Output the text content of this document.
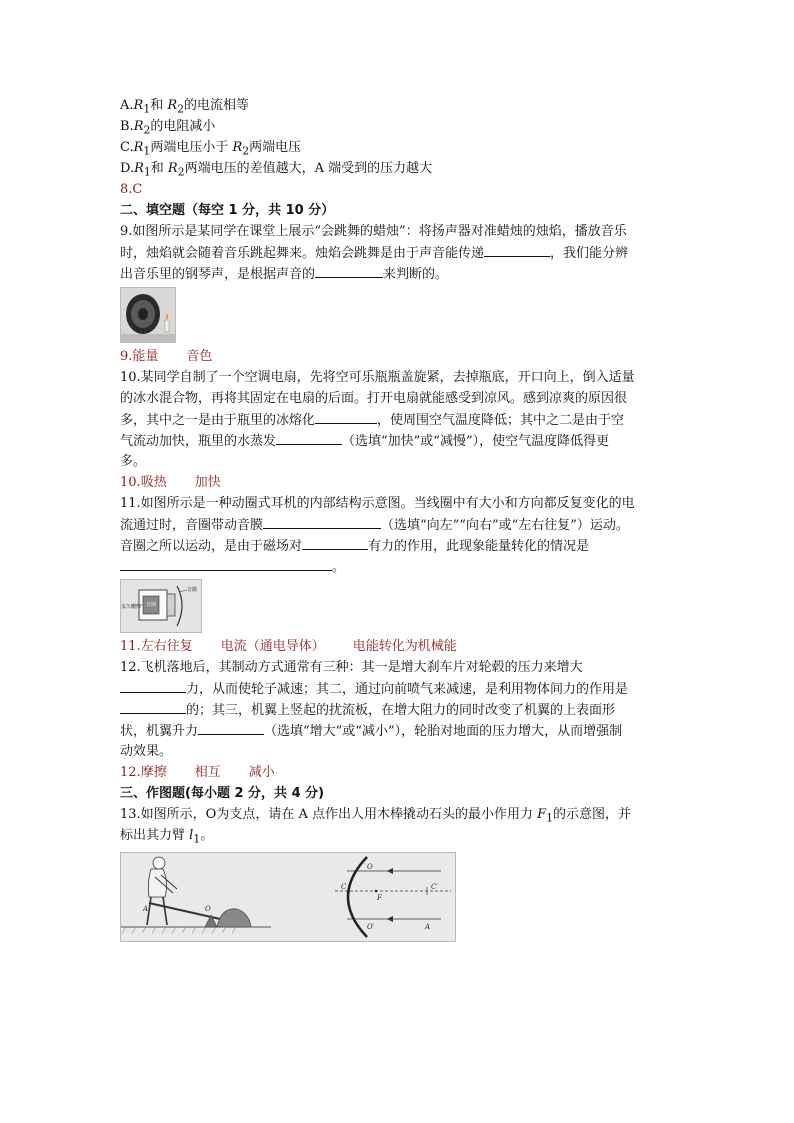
$A.R_1$和 $R_2$的电流相等
$B.R_2$的电阻减小
$C.R_1$两端电压小于 $R_2$两端电压
$D.R_1$和 $R_2$两端电压的差值越大，A 端受到的压力越大
8.C
二、填空题（每空 1 分，共 10 分）
9.如图所示是某同学在课堂上展示“会跳舞的蜡烛”：将扬声器对准蜡烛的烛焰，播放音乐
时，烛焰就会随着音乐跳起舞来。烛焰会跳舞是由于声音能传递	，我们能分辨
出音乐里的钢琴声，是根据声音的	来判断的。
9.能量 音色
10.某同学自制了一个空调电扇，先将空可乐瓶瓶盖旋紧，去掉瓶底，开口向上，倒入适量
的冰水混合物，再将其固定在电扇的后面。打开电扇就能感受到凉风。感到凉爽的原因很
多，其中之一是由于瓶里的冰熔化	，使周围空气温度降低；其中之二是由于空
气流动加快，瓶里的水蒸发	（选填“加快”或“减慢”），使空气温度降低得更
多。
10.吸热 加快
11.如图所示是一种动圈式耳机的内部结构示意图。当线圈中有大小和方向都反复变化的电
流通过时，音圈带动音膜	（选填“向左”“向右”或“左右往复”）运动。
音圈之所以运动，是由于磁场对	有力的作用，此现象能量转化的情况是
。
永久磁体 音圈
音膜
11.左右往复 电流（通电导体） 电能转化为机械能
12.飞机落地后，其制动方式通常有三种：其一是增大刹车片对轮毂的压力来增大
力，从而使轮子减速；其二，通过向前喷气来减速，是利用物体间力的作用是
的；其三，机翼上竖起的扰流板，在增大阻力的同时改变了机翼的上表面形
状，机翼升力	（选填“增大”或“减小”），轮胎对地面的压力增大，从而增强制
动效果。
12.摩擦 相互 减小
三、作图题(每小题 2 分，共 4 分)
13.如图所示，O为支点，请在 A 点作出人用木棒撬动石头的最小作用力 $F_1$的示意图，并
标出其力臂 $l_1$。
O
A
C
F
O
C′
O′	A
